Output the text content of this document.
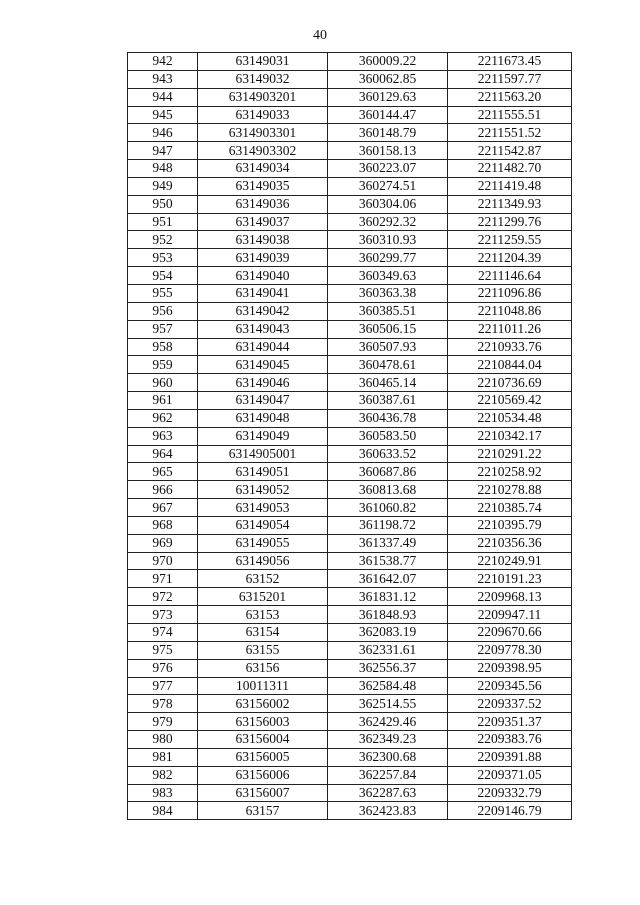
40
942	63149031	360009.22	2211673.45
943	63149032	360062.85	2211597.77
944	6314903201	360129.63	2211563.20
945	63149033	360144.47	2211555.51
946	6314903301	360148.79	2211551.52
947	6314903302	360158.13	2211542.87
948	63149034	360223.07	2211482.70
949	63149035	360274.51	2211419.48
950	63149036	360304.06	2211349.93
951	63149037	360292.32	2211299.76
952	63149038	360310.93	2211259.55
953	63149039	360299.77	2211204.39
954	63149040	360349.63	2211146.64
955	63149041	360363.38	2211096.86
956	63149042	360385.51	2211048.86
957	63149043	360506.15	2211011.26
958	63149044	360507.93	2210933.76
959	63149045	360478.61	2210844.04
960	63149046	360465.14	2210736.69
961	63149047	360387.61	2210569.42
962	63149048	360436.78	2210534.48
963	63149049	360583.50	2210342.17
964	6314905001	360633.52	2210291.22
965	63149051	360687.86	2210258.92
966	63149052	360813.68	2210278.88
967	63149053	361060.82	2210385.74
968	63149054	361198.72	2210395.79
969	63149055	361337.49	2210356.36
970	63149056	361538.77	2210249.91
971	63152	361642.07	2210191.23
972	6315201	361831.12	2209968.13
973	63153	361848.93	2209947.11
974	63154	362083.19	2209670.66
975	63155	362331.61	2209778.30
976	63156	362556.37	2209398.95
977	10011311	362584.48	2209345.56
978	63156002	362514.55	2209337.52
979	63156003	362429.46	2209351.37
980	63156004	362349.23	2209383.76
981	63156005	362300.68	2209391.88
982	63156006	362257.84	2209371.05
983	63156007	362287.63	2209332.79
984	63157	362423.83	2209146.79
